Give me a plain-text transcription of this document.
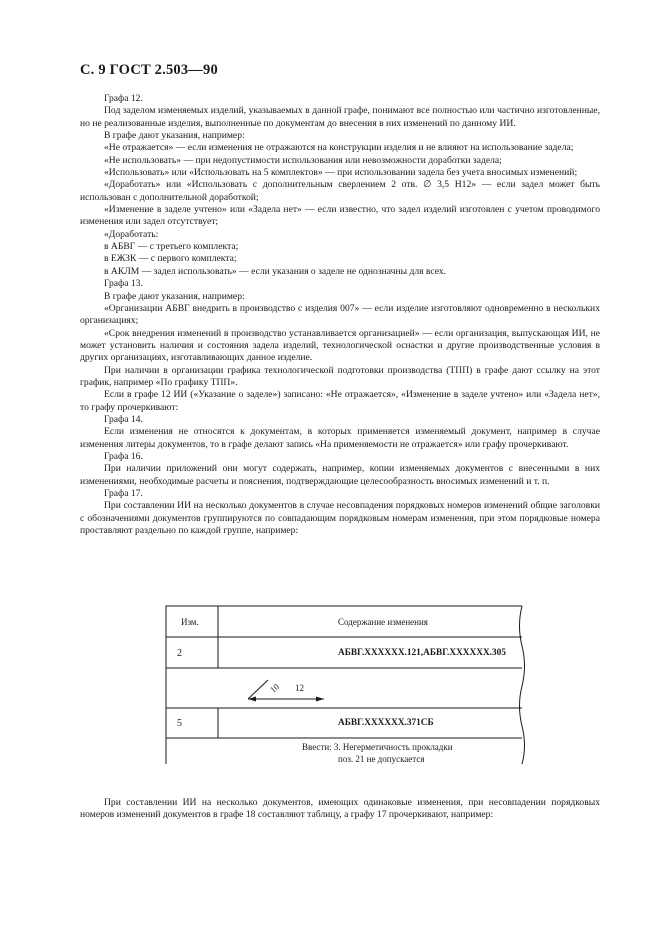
С. 9 ГОСТ 2.503—90

Графа 12.

Под заделом изменяемых изделий, указываемых в данной графе, понимают все полностью или частично изготовленные, но не реализованные изделия, выполненные по документам до внесения в них изменений по данному ИИ.

В графе дают указания, например:

«Не отражается» — если изменения не отражаются на конструкции изделия и не влияют на использование задела;

«Не использовать» — при недопустимости использования или невозможности доработки задела;

«Использовать» или «Использовать на 5 комплектов» — при использовании задела без учета вносимых изменений;

«Доработать» или «Использовать с дополнительным сверлением 2 отв. ∅ 3,5 H12» — если задел может быть использован с дополнительной доработкой;

«Изменение в заделе учтено» или «Задела нет» — если известно, что задел изделий изготовлен с учетом проводимого изменения или задел отсутствует;

«Доработать:

в АБВГ — с третьего комплекта;

в ЕЖЗК — с первого комплекта;

в АКЛМ — задел использовать» — если указания о заделе не однозначны для всех.

Графа 13.

В графе дают указания, например:

«Организации АБВГ внедрить в производство с изделия 007» — если изделие изготовляют одновременно в нескольких организациях;

«Срок внедрения изменений в производство устанавливается организацией» — если организация, выпускающая ИИ, не может установить наличия и состояния задела изделий, технологической оснастки и другие производственные условия в других организациях, изготавливающих данное изделие.

При наличии в организации графика технологической подготовки производства (ТПП) в графе дают ссылку на этот график, например «По графику ТПП».

Если в графе 12 ИИ («Указание о заделе») записано: «Не отражается», «Изменение в заделе учтено» или «Задела нет», то графу прочеркивают:

Графа 14.

Если изменения не относятся к документам, в которых применяется изменяемый документ, например в случае изменения литеры документов, то в графе делают запись «На применяемости не отражается» или графу прочеркивают.

Графа 16.

При наличии приложений они могут содержать, например, копии изменяемых документов с внесенными в них изменениями, необходимые расчеты и пояснения, подтверждающие целесообразность вносимых изменений и т. п.

Графа 17.

При составлении ИИ на несколько документов в случае несовпадения порядковых номеров изменений общие заголовки с обозначениями документов группируются по совпадающим порядковым номерам изменения, при этом порядковые номера проставляют раздельно по каждой группе, например:

Изм.	Содержание изменения
2	АБВГ.XXXXXX.121,АБВГ.XXXXXX.305
10 12
5	АБВГ.XXXXXX.371СБ
Ввести: 3. Негерметичность прокладки
поз. 21 не допускается

При составлении ИИ на несколько документов, имеющих одинаковые изменения, при несовпадении порядковых номеров изменений документов в графе 18 составляют таблицу, а графу 17 прочеркивают, например:
